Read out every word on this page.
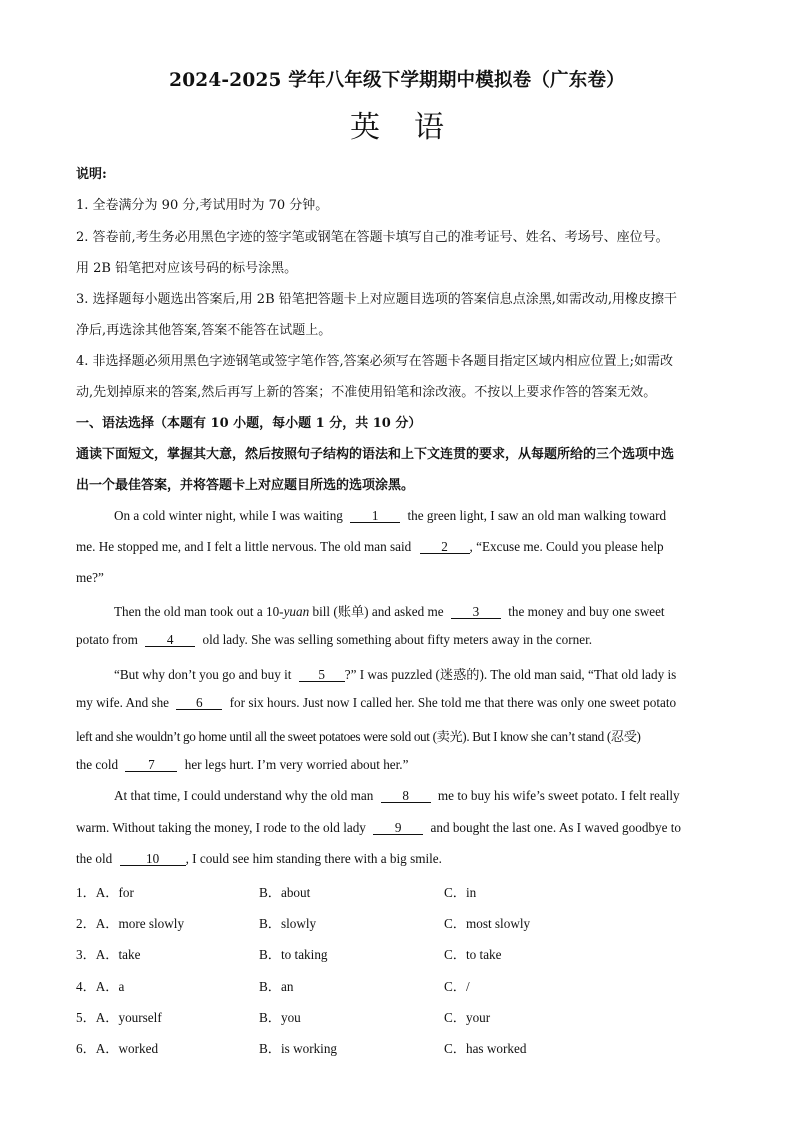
2024-2025 学年八年级下学期期中模拟卷（广东卷）
英语
说明:
1. 全卷满分为 90 分,考试用时为 70 分钟。
2. 答卷前,考生务必用黑色字迹的签字笔或钢笔在答题卡填写自己的准考证号、姓名、考场号、座位号。
用 2B 铅笔把对应该号码的标号涂黑。
3. 选择题每小题选出答案后,用 2B 铅笔把答题卡上对应题目选项的答案信息点涂黑,如需改动,用橡皮擦干
净后,再选涂其他答案,答案不能答在试题上。
4. 非选择题必须用黑色字迹钢笔或签字笔作答,答案必须写在答题卡各题目指定区域内相应位置上;如需改
动,先划掉原来的答案,然后再写上新的答案；不准使用铅笔和涂改液。不按以上要求作答的答案无效。
一、语法选择（本题有 10 小题，每小题 1 分，共 10 分）
通读下面短文，掌握其大意，然后按照句子结构的语法和上下文连贯的要求，从每题所给的三个选项中选
出一个最佳答案，并将答题卡上对应题目所选的选项涂黑。
On a cold winter night, while I was waiting 1 the green light, I saw an old man walking toward
me. He stopped me, and I felt a little nervous. The old man said 2 , “Excuse me. Could you please help
me?”
Then the old man took out a 10-yuan bill (账单) and asked me 3 the money and buy one sweet
potato from 4 old lady. She was selling something about fifty meters away in the corner.
“But why don’t you go and buy it 5 ?” I was puzzled (迷惑的). The old man said, “That old lady is
my wife. And she 6 for six hours. Just now I called her. She told me that there was only one sweet potato
left and she wouldn’t go home until all the sweet potatoes were sold out (卖光). But I know she can’t stand (忍受)
the cold 7 her legs hurt. I’m very worried about her.”
At that time, I could understand why the old man 8 me to buy his wife’s sweet potato. I felt really
warm. Without taking the money, I rode to the old lady 9 and bought the last one. As I waved goodbye to
the old	10 , I could see him standing there with a big smile.
1．A．for	B．about	C．in
2．A．more slowly	B．slowly	C．most slowly
3．A．take	B．to taking	C．to take
4．A．a	B．an	C．/
5．A．yourself	B．you	C．your
6．A．worked	B．is working	C．has worked
